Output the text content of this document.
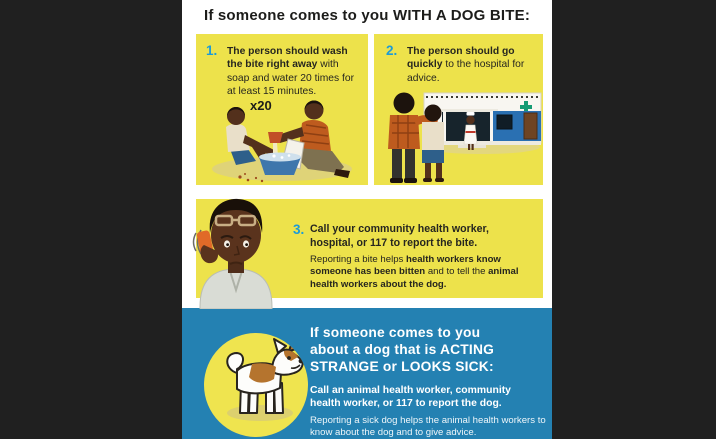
If someone comes to you WITH A DOG BITE:
1. The person should wash the bite right away with soap and water 20 times for at least 15 minutes.

x20
2. The person should go quickly to the hospital for advice.

3. Call your community health worker, hospital, or 117 to report the bite.

Reporting a bite helps health workers know someone has been bitten and to tell the animal health workers about the dog.

If someone comes to you
about a dog that is ACTING
STRANGE or LOOKS SICK:

Call an animal health worker, community health worker, or 117 to report the dog.

Reporting a sick dog helps the animal health workers to know about the dog and to give advice.
